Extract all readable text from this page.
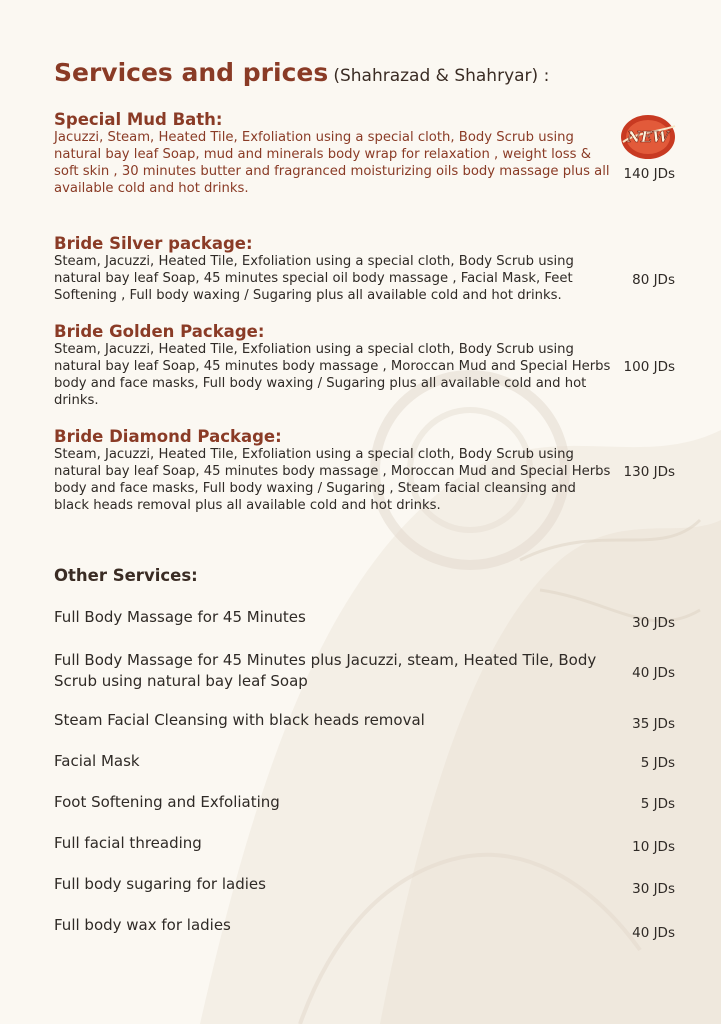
Services and prices (Shahrazad & Shahryar) :
NEW
Special Mud Bath:

Jacuzzi, Steam, Heated Tile, Exfoliation using a special cloth, Body Scrub using natural bay leaf Soap, mud and minerals body wrap for relaxation , weight loss & soft skin , 30 minutes butter and fragranced moisturizing oils body massage plus all available cold and hot drinks.

140 JDs
Bride Silver package:

Steam, Jacuzzi, Heated Tile, Exfoliation using a special cloth, Body Scrub using natural bay leaf Soap, 45 minutes special oil body massage , Facial Mask, Feet Softening , Full body waxing / Sugaring plus all available cold and hot drinks.

80 JDs
Bride Golden Package:

Steam, Jacuzzi, Heated Tile, Exfoliation using a special cloth, Body Scrub using natural bay leaf Soap, 45 minutes body massage , Moroccan Mud and Special Herbs body and face masks, Full body waxing / Sugaring plus all available cold and hot drinks.

100 JDs
Bride Diamond Package:

Steam, Jacuzzi, Heated Tile, Exfoliation using a special cloth, Body Scrub using natural bay leaf Soap, 45 minutes body massage , Moroccan Mud and Special Herbs body and face masks, Full body waxing / Sugaring , Steam facial cleansing and black heads removal plus all available cold and hot drinks.

130 JDs
Other Services:
Full Body Massage for 45 Minutes	30 JDs
Full Body Massage for 45 Minutes plus Jacuzzi, steam, Heated Tile, Body Scrub using natural bay leaf Soap	40 JDs
Steam Facial Cleansing with black heads removal	35 JDs
Facial Mask	5 JDs
Foot Softening and Exfoliating	5 JDs
Full facial threading	10 JDs
Full body sugaring for ladies	30 JDs
Full body wax for ladies	40 JDs
